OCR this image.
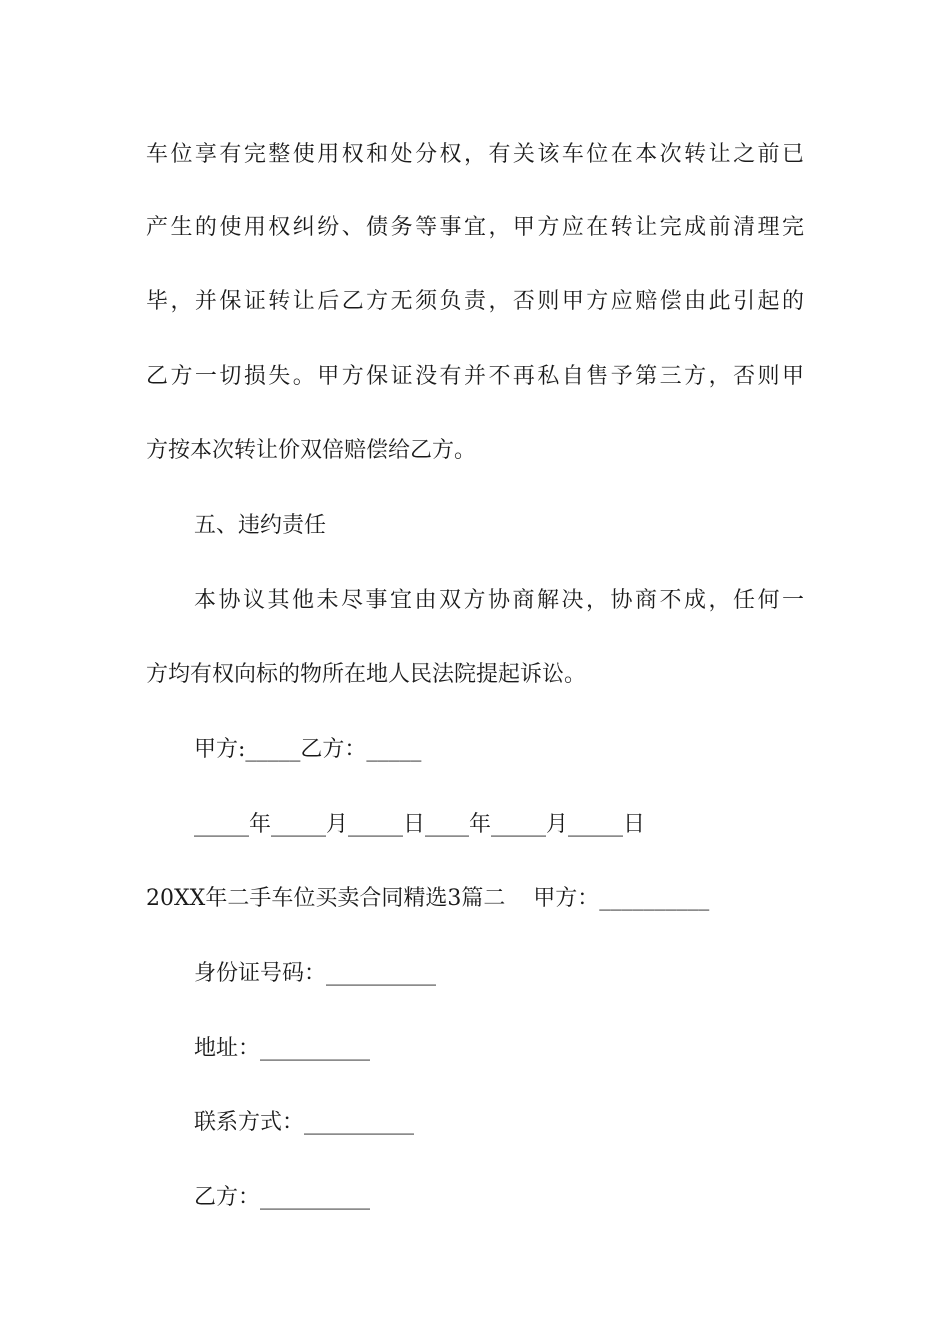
车位享有完整使用权和处分权，有关该车位在本次转让之前已

产生的使用权纠纷、债务等事宜，甲方应在转让完成前清理完

毕，并保证转让后乙方无须负责，否则甲方应赔偿由此引起的

乙方一切损失。甲方保证没有并不再私自售予第三方，否则甲

方按本次转让价双倍赔偿给乙方。

五、违约责任

本协议其他未尽事宜由双方协商解决，协商不成，任何一

方均有权向标的物所在地人民法院提起诉讼。

甲方:_____乙方：_____

_____年_____月_____日____年_____月_____日

20XX年二手车位买卖合同精选3篇二    甲方：__________

身份证号码：__________

地址：__________

联系方式：__________

乙方：__________
